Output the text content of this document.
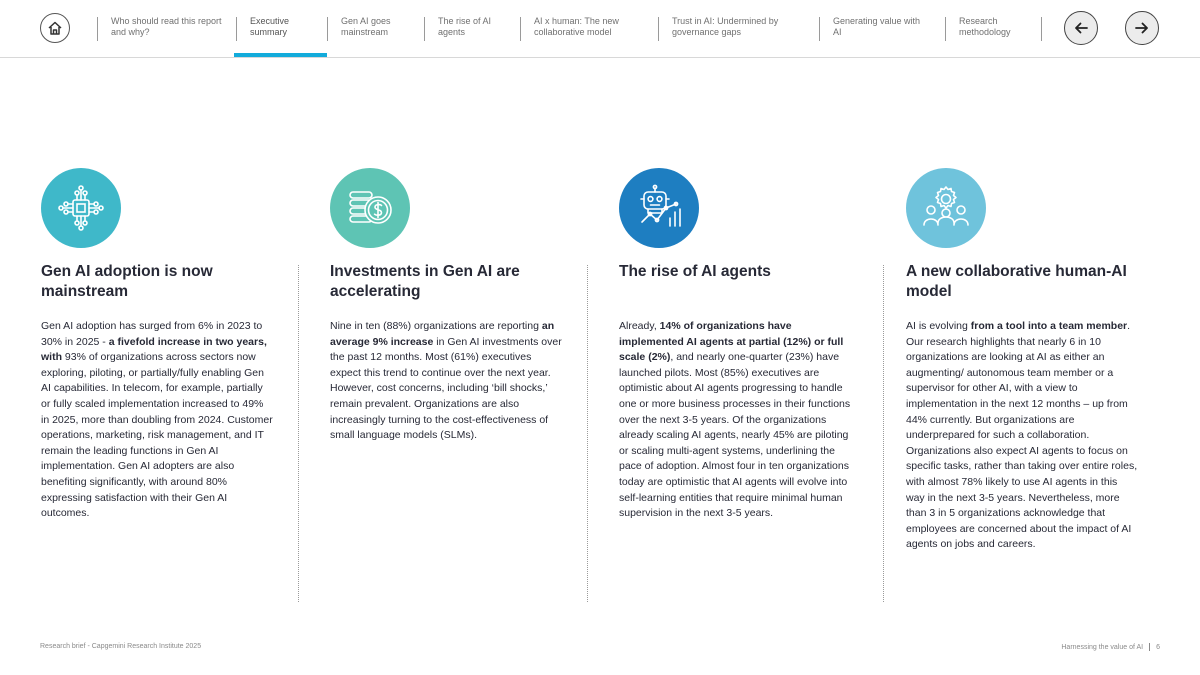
Who should read this report and why?
Executive summary
Gen AI goes mainstream
The rise of AI agents
AI x human: The new collaborative model
Trust in AI: Undermined by governance gaps
Generating value with AI
Research methodology
Gen AI adoption is now mainstream

Gen AI adoption has surged from 6% in 2023 to 30% in 2025 - a fivefold increase in two years, with 93% of organizations across sectors now exploring, piloting, or partially/fully enabling Gen AI capabilities. In telecom, for example, partially or fully scaled implementation increased to 49% in 2025, more than doubling from 2024. Customer operations, marketing, risk management, and IT remain the leading functions in Gen AI implementation. Gen AI adopters are also benefiting significantly, with around 80% expressing satisfaction with their Gen AI outcomes.

Investments in Gen AI are accelerating

Nine in ten (88%) organizations are reporting an average 9% increase in Gen AI investments over the past 12 months. Most (61%) executives expect this trend to continue over the next year. However, cost concerns, including ‘bill shocks,’ remain prevalent. Organizations are also increasingly turning to the cost-effectiveness of small language models (SLMs).

The rise of AI agents

Already, 14% of organizations have implemented AI agents at partial (12%) or full scale (2%), and nearly one-quarter (23%) have launched pilots. Most (85%) executives are optimistic about AI agents progressing to handle one or more business processes in their functions over the next 3-5 years. Of the organizations already scaling AI agents, nearly 45% are piloting or scaling multi-agent systems, underlining the pace of adoption. Almost four in ten organizations today are optimistic that AI agents will evolve into self-learning entities that require minimal human supervision in the next 3-5 years.

A new collaborative human-AI model

AI is evolving from a tool into a team member. Our research highlights that nearly 6 in 10 organizations are looking at AI as either an augmenting/ autonomous team member or a supervisor for other AI, with a view to implementation in the next 12 months – up from 44% currently. But organizations are underprepared for such a collaboration. Organizations also expect AI agents to focus on specific tasks, rather than taking over entire roles, with almost 78% likely to use AI agents in this way in the next 3-5 years. Nevertheless, more than 3 in 5 organizations acknowledge that employees are concerned about the impact of AI agents on jobs and careers.

Research brief - Capgemini Research Institute 2025	Harnessing the value of AI 6
